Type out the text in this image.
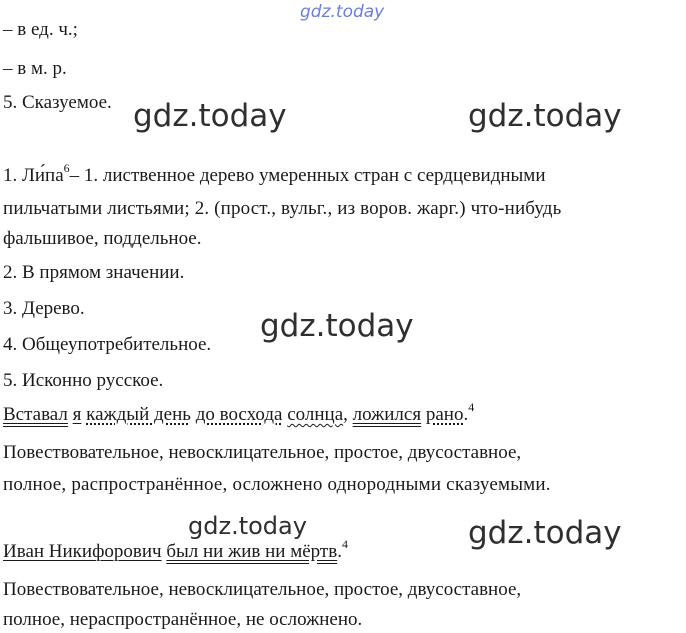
gdz.today
gdz.today	gdz.today
gdz.today
gdz.today	gdz.today
– в ед. ч.;
– в м. р.
5. Сказуемое.
1. $Ли́па^6-$ 1. лиственное дерево умеренных стран с сердцевидными
пильчатыми листьями; 2. (прост., вульг., из воров. жарг.) что-нибудь
фальшивое, поддельное.
2. В прямом значении.
3. Дерево.
4. Общеупотребительное.
5. Исконно русское.
Вставал я каждый день до восхода солнца, ложился рано.$^4$
Повествовательное, невосклицательное, простое, двусоставное,
полное, распространённое, осложнено однородными сказуемыми.
Иван Никифорович был ни жив ни мёртв.$^4$
Повествовательное, невосклицательное, простое, двусоставное,
полное, нераспространённое, не осложнено.
